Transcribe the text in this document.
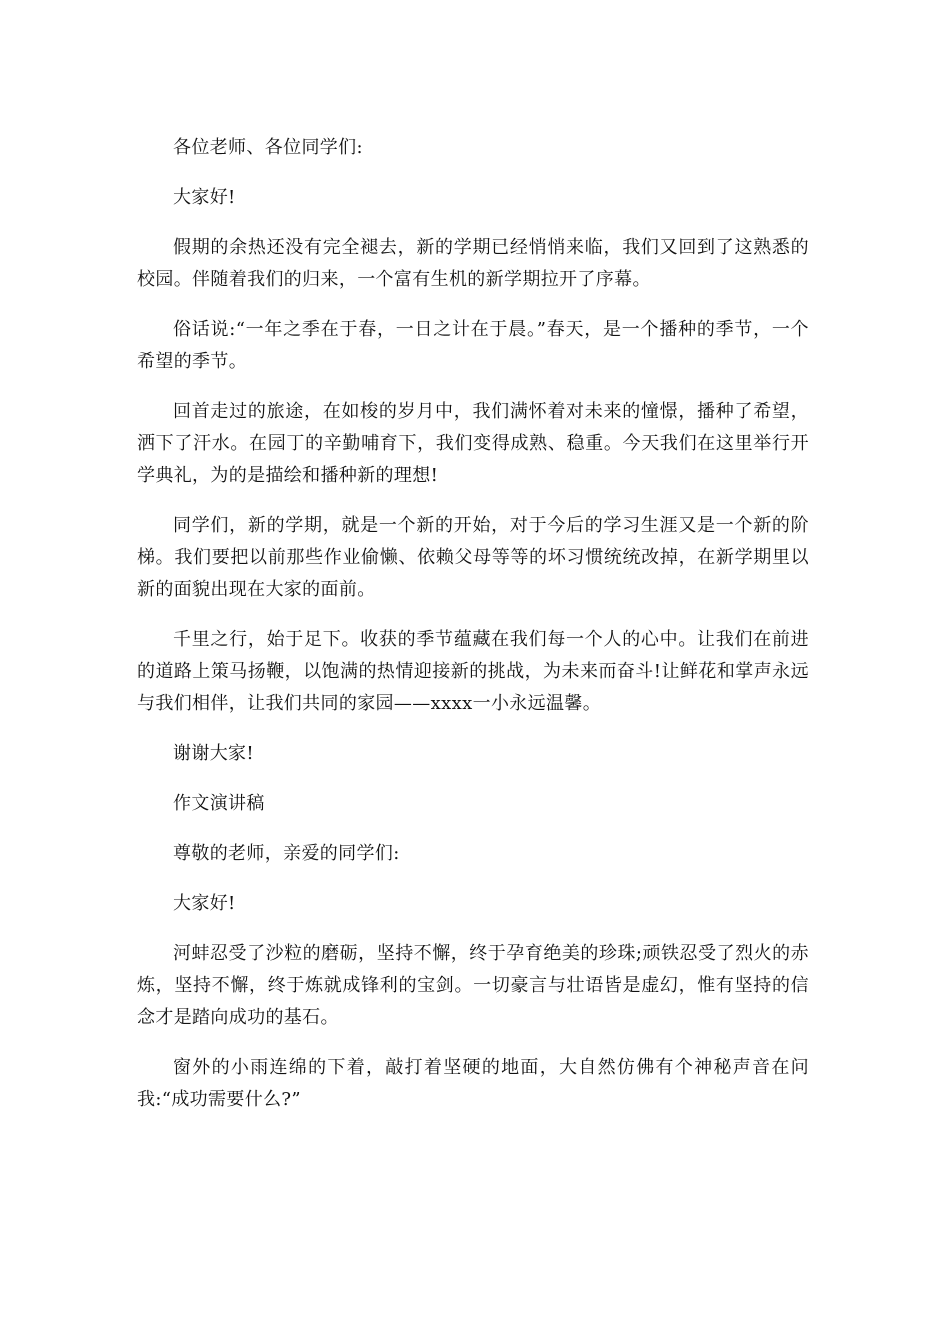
各位老师、各位同学们:

大家好!

假期的余热还没有完全褪去，新的学期已经悄悄来临，我们又回到了这熟悉的校园。伴随着我们的归来，一个富有生机的新学期拉开了序幕。

俗话说:“一年之季在于春，一日之计在于晨。”春天，是一个播种的季节，一个希望的季节。

回首走过的旅途，在如梭的岁月中，我们满怀着对未来的憧憬，播种了希望，洒下了汗水。在园丁的辛勤哺育下，我们变得成熟、稳重。今天我们在这里举行开学典礼，为的是描绘和播种新的理想!

同学们，新的学期，就是一个新的开始，对于今后的学习生涯又是一个新的阶梯。我们要把以前那些作业偷懒、依赖父母等等的坏习惯统统改掉，在新学期里以新的面貌出现在大家的面前。

千里之行，始于足下。收获的季节蕴藏在我们每一个人的心中。让我们在前进的道路上策马扬鞭，以饱满的热情迎接新的挑战，为未来而奋斗!让鲜花和掌声永远与我们相伴，让我们共同的家园——xxxx一小永远温馨。

谢谢大家!

作文演讲稿

尊敬的老师，亲爱的同学们:

大家好!

河蚌忍受了沙粒的磨砺，坚持不懈，终于孕育绝美的珍珠;顽铁忍受了烈火的赤炼，坚持不懈，终于炼就成锋利的宝剑。一切豪言与壮语皆是虚幻，惟有坚持的信念才是踏向成功的基石。

窗外的小雨连绵的下着，敲打着坚硬的地面，大自然仿佛有个神秘声音在问我:“成功需要什么?”
